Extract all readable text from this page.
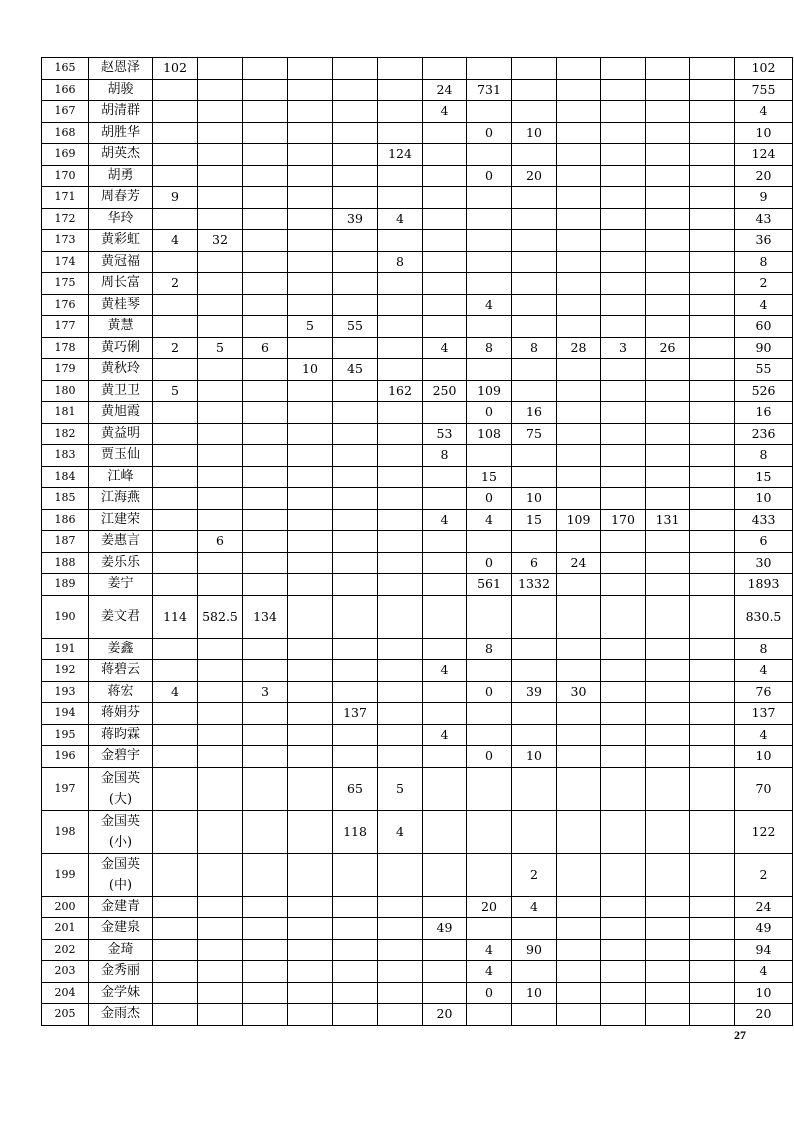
165	赵恩泽	102													102
166	胡骏							24	731						755
167	胡清群							4							4
168	胡胜华								0	10					10
169	胡英杰						124								124
170	胡勇								0	20					20
171	周春芳	9													9
172	华玲					39	4								43
173	黄彩虹	4	32												36
174	黄冠福						8								8
175	周长富	2													2
176	黄桂琴								4						4
177	黄慧				5	55									60
178	黄巧俐	2	5	6				4	8	8	28	3	26		90
179	黄秋玲				10	45									55
180	黄卫卫	5					162	250	109						526
181	黄旭霞								0	16					16
182	黄益明							53	108	75					236
183	贾玉仙							8							8
184	江峰								15						15
185	江海燕								0	10					10
186	江建荣							4	4	15	109	170	131		433
187	姜惠言		6												6
188	姜乐乐								0	6	24				30
189	姜宁								561	1332					1893
190	姜文君	114	582.5	134											830.5
191	姜鑫								8						8
192	蒋碧云							4							4
193	蒋宏	4		3					0	39	30				76
194	蒋娟芬					137									137
195	蒋昀霖							4							4
196	金碧宇								0	10					10
197	金国英(大)					65	5								70
198	金国英(小)					118	4								122
199	金国英(中)									2					2
200	金建青								20	4					24
201	金建泉							49							49
202	金琦								4	90					94
203	金秀丽								4						4
204	金学妹								0	10					10
205	金雨杰							20							20
27
